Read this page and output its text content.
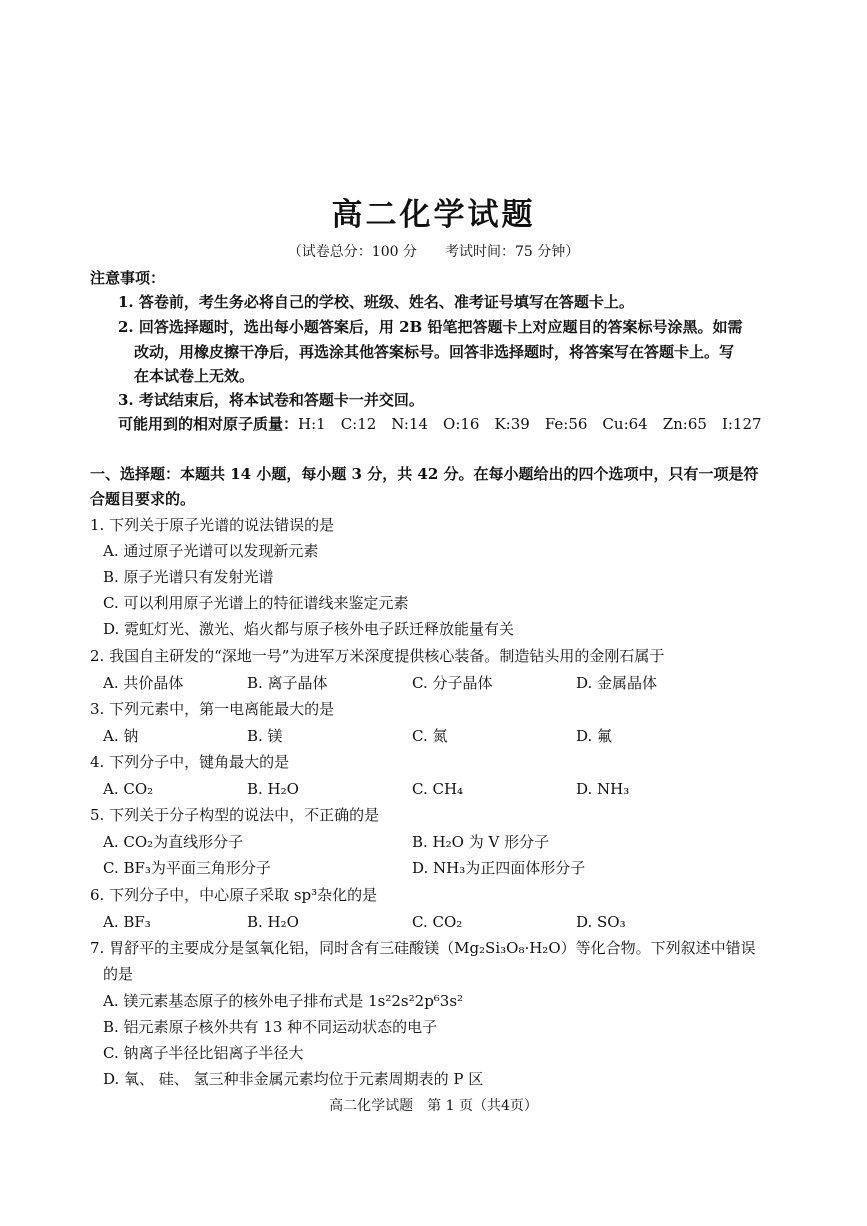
高二化学试题
（试卷总分：100 分　　考试时间：75 分钟）
注意事项：
1. 答卷前，考生务必将自己的学校、班级、姓名、准考证号填写在答题卡上。
2. 回答选择题时，选出每小题答案后，用 2B 铅笔把答题卡上对应题目的答案标号涂黑。如需
改动，用橡皮擦干净后，再选涂其他答案标号。回答非选择题时，将答案写在答题卡上。写
在本试卷上无效。
3. 考试结束后，将本试卷和答题卡一并交回。
可能用到的相对原子质量：H:1　C:12　N:14　O:16　K:39　Fe:56　Cu:64　Zn:65　I:127
一、选择题：本题共 14 小题，每小题 3 分，共 42 分。在每小题给出的四个选项中，只有一项是符
合题目要求的。
1. 下列关于原子光谱的说法错误的是
A. 通过原子光谱可以发现新元素
B. 原子光谱只有发射光谱
C. 可以利用原子光谱上的特征谱线来鉴定元素
D. 霓虹灯光、激光、焰火都与原子核外电子跃迁释放能量有关
2. 我国自主研发的“深地一号”为进军万米深度提供核心装备。制造钻头用的金刚石属于
A. 共价晶体	B. 离子晶体	C. 分子晶体	D. 金属晶体
3. 下列元素中，第一电离能最大的是
A. 钠	B. 镁	C. 氮	D. 氟
4. 下列分子中，键角最大的是
A. CO₂	B. H₂O	C. CH₄	D. NH₃
5. 下列关于分子构型的说法中，不正确的是
A. CO₂为直线形分子	B. H₂O 为 V 形分子
C. BF₃为平面三角形分子	D. NH₃为正四面体形分子
6. 下列分子中，中心原子采取 sp³杂化的是
A. BF₃	B. H₂O	C. CO₂	D. SO₃
7. 胃舒平的主要成分是氢氧化铝，同时含有三硅酸镁（Mg₂Si₃O₈·H₂O）等化合物。下列叙述中错误
的是
A. 镁元素基态原子的核外电子排布式是 1s²2s²2p⁶3s²
B. 铝元素原子核外共有 13 种不同运动状态的电子
C. 钠离子半径比铝离子半径大
D. 氧、 硅、 氢三种非金属元素均位于元素周期表的 P 区
高二化学试题　第 1 页（共4页）
